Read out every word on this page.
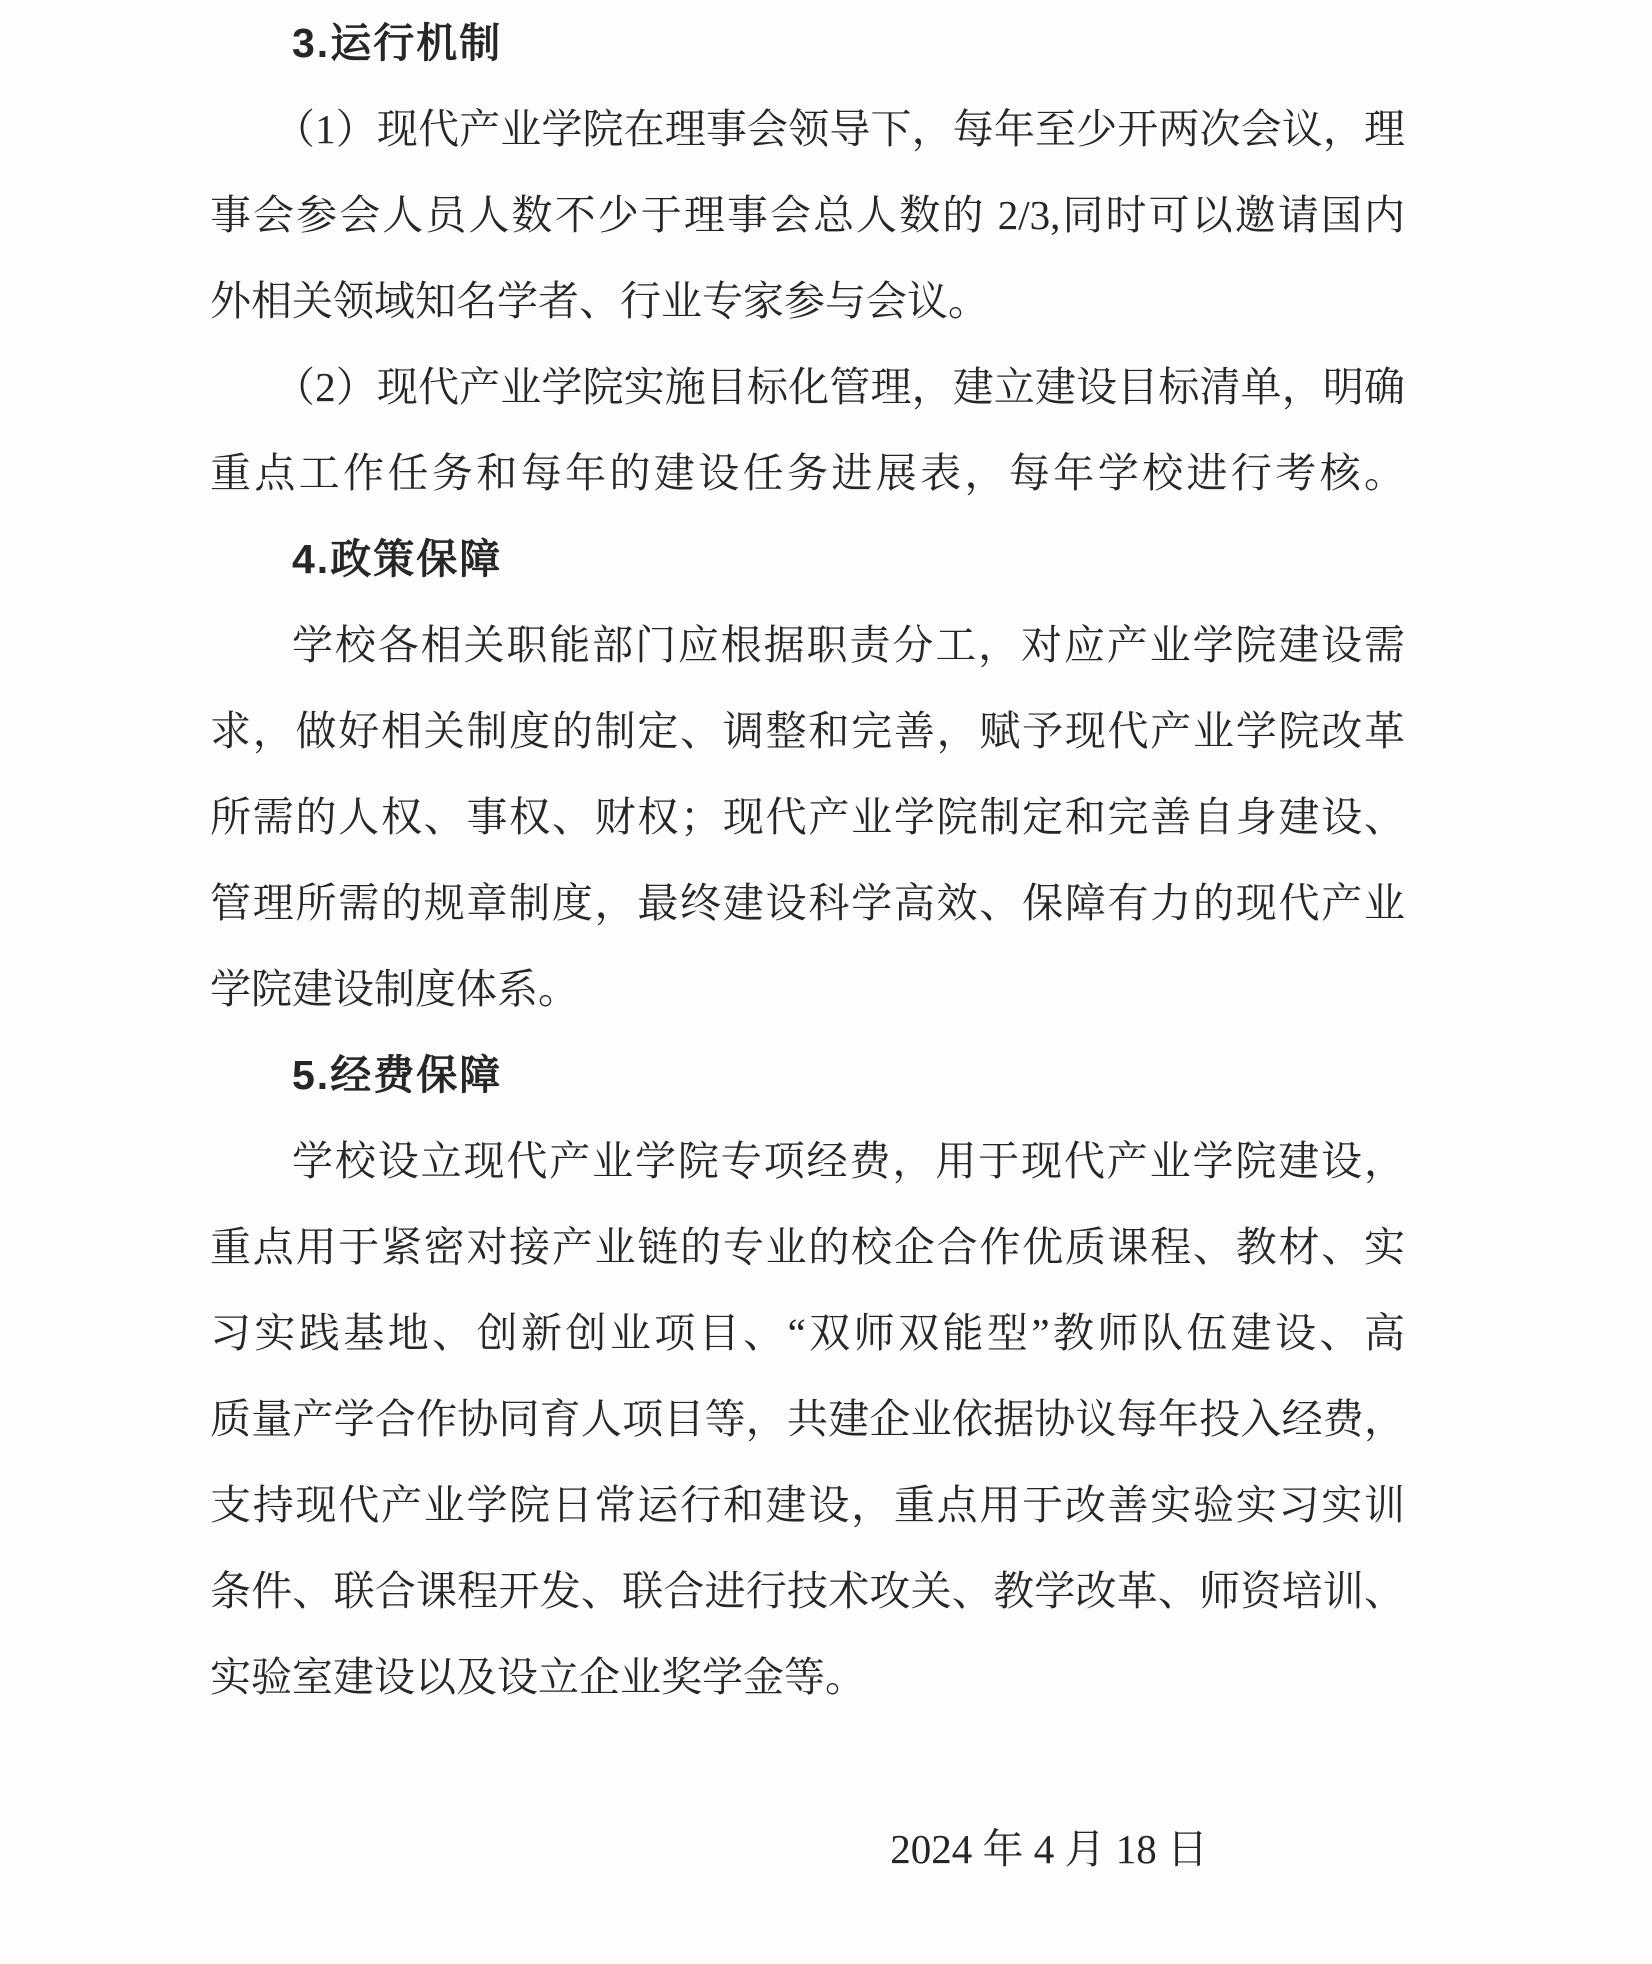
3.运行机制
（1）现代产业学院在理事会领导下，每年至少开两次会议，理
事会参会人员人数不少于理事会总人数的 2/3,同时可以邀请国内
外相关领域知名学者、行业专家参与会议。
（2）现代产业学院实施目标化管理，建立建设目标清单，明确
重点工作任务和每年的建设任务进展表，每年学校进行考核。
4.政策保障
学校各相关职能部门应根据职责分工，对应产业学院建设需
求，做好相关制度的制定、调整和完善，赋予现代产业学院改革
所需的人权、事权、财权；现代产业学院制定和完善自身建设、
管理所需的规章制度，最终建设科学高效、保障有力的现代产业
学院建设制度体系。
5.经费保障
学校设立现代产业学院专项经费，用于现代产业学院建设，
重点用于紧密对接产业链的专业的校企合作优质课程、教材、实
习实践基地、创新创业项目、“双师双能型”教师队伍建设、高
质量产学合作协同育人项目等，共建企业依据协议每年投入经费，
支持现代产业学院日常运行和建设，重点用于改善实验实习实训
条件、联合课程开发、联合进行技术攻关、教学改革、师资培训、
实验室建设以及设立企业奖学金等。
2024 年 4 月 18 日
